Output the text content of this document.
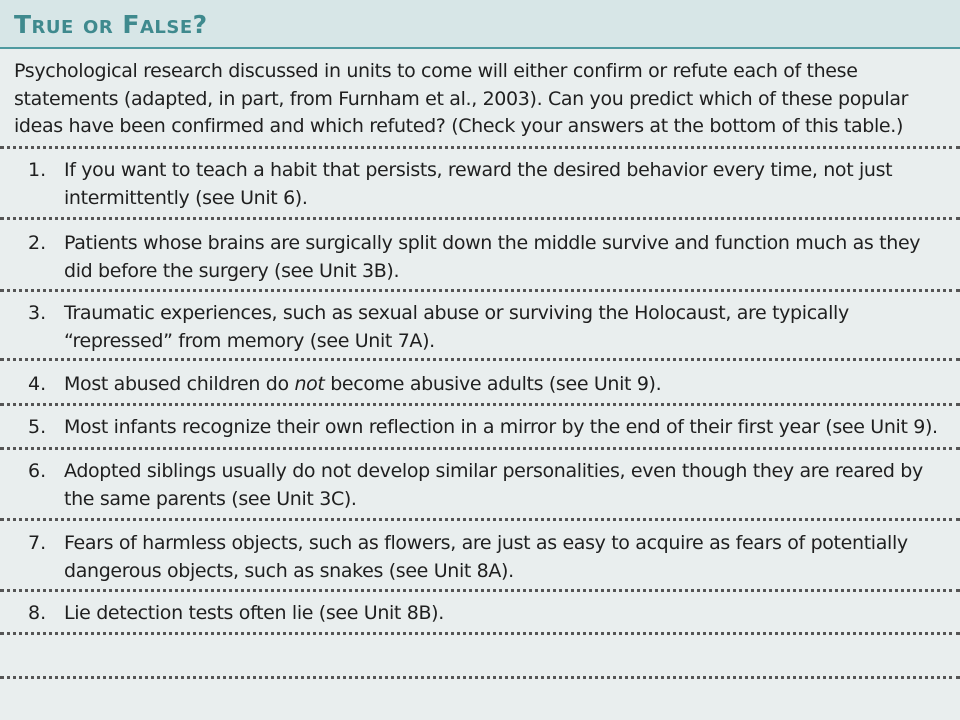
True or False?

Psychological research discussed in units to come will either confirm or refute each of these statements (adapted, in part, from Furnham et al., 2003). Can you predict which of these popular ideas have been confirmed and which refuted? (Check your answers at the bottom of this table.)

1. If you want to teach a habit that persists, reward the desired behavior every time, not just intermittently (see Unit 6).

2. Patients whose brains are surgically split down the middle survive and function much as they did before the surgery (see Unit 3B).

3. Traumatic experiences, such as sexual abuse or surviving the Holocaust, are typically “repressed” from memory (see Unit 7A).

4. Most abused children do not become abusive adults (see Unit 9).

5. Most infants recognize their own reflection in a mirror by the end of their first year (see Unit 9).

6. Adopted siblings usually do not develop similar personalities, even though they are reared by the same parents (see Unit 3C).

7. Fears of harmless objects, such as flowers, are just as easy to acquire as fears of potentially dangerous objects, such as snakes (see Unit 8A).

8. Lie detection tests often lie (see Unit 8B).
